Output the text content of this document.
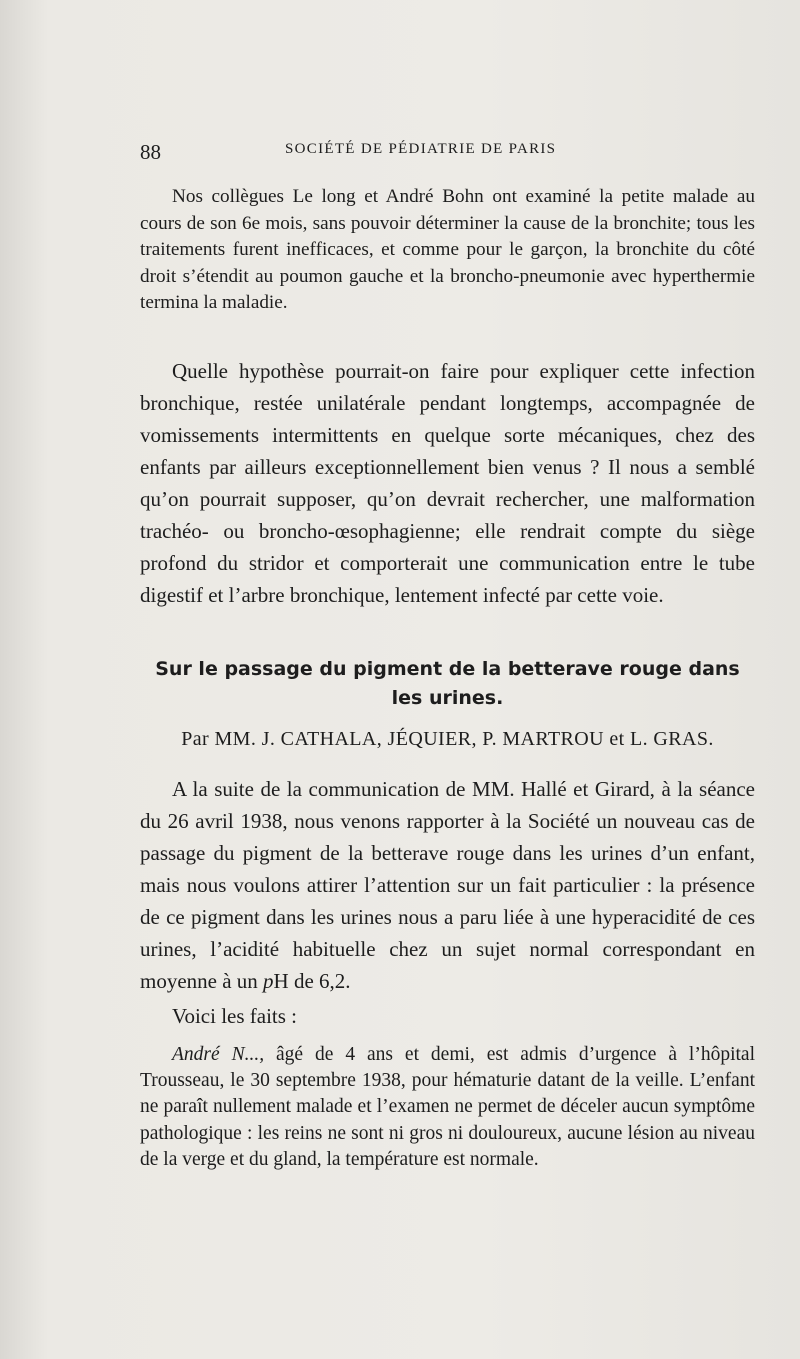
88	SOCIÉTÉ DE PÉDIATRIE DE PARIS

Nos collègues Le long et André Bohn ont examiné la petite malade au cours de son 6e mois, sans pouvoir déterminer la cause de la bronchite; tous les traitements furent inefficaces, et comme pour le garçon, la bronchite du côté droit s’étendit au poumon gauche et la broncho-pneumonie avec hyperthermie termina la maladie.

Quelle hypothèse pourrait-on faire pour expliquer cette infection bronchique, restée unilatérale pendant longtemps, accompagnée de vomissements intermittents en quelque sorte mécaniques, chez des enfants par ailleurs exceptionnellement bien venus ? Il nous a semblé qu’on pourrait supposer, qu’on devrait rechercher, une malformation trachéo- ou broncho-œsophagienne; elle rendrait compte du siège profond du stridor et comporterait une communication entre le tube digestif et l’arbre bronchique, lentement infecté par cette voie.

Sur le passage du pigment de la betterave rouge dans les urines.

Par MM. J. CATHALA, JÉQUIER, P. MARTROU et L. GRAS.

A la suite de la communication de MM. Hallé et Girard, à la séance du 26 avril 1938, nous venons rapporter à la Société un nouveau cas de passage du pigment de la betterave rouge dans les urines d’un enfant, mais nous voulons attirer l’attention sur un fait particulier : la présence de ce pigment dans les urines nous a paru liée à une hyperacidité de ces urines, l’acidité habituelle chez un sujet normal correspondant en moyenne à un pH de 6,2.

Voici les faits :

André N..., âgé de 4 ans et demi, est admis d’urgence à l’hôpital Trousseau, le 30 septembre 1938, pour hématurie datant de la veille. L’enfant ne paraît nullement malade et l’examen ne permet de déceler aucun symptôme pathologique : les reins ne sont ni gros ni douloureux, aucune lésion au niveau de la verge et du gland, la température est normale.
